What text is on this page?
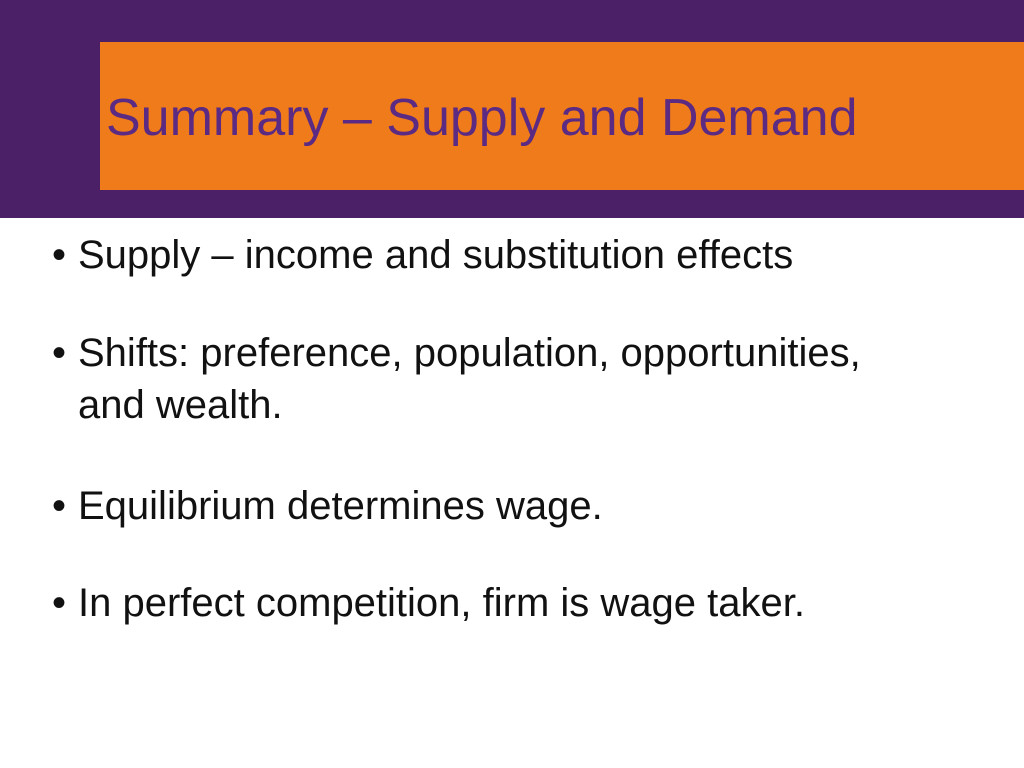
Summary – Supply and Demand
• Supply – income and substitution effects
• Shifts: preference, population, opportunities,
and wealth.
• Equilibrium determines wage.
• In perfect competition, firm is wage taker.
